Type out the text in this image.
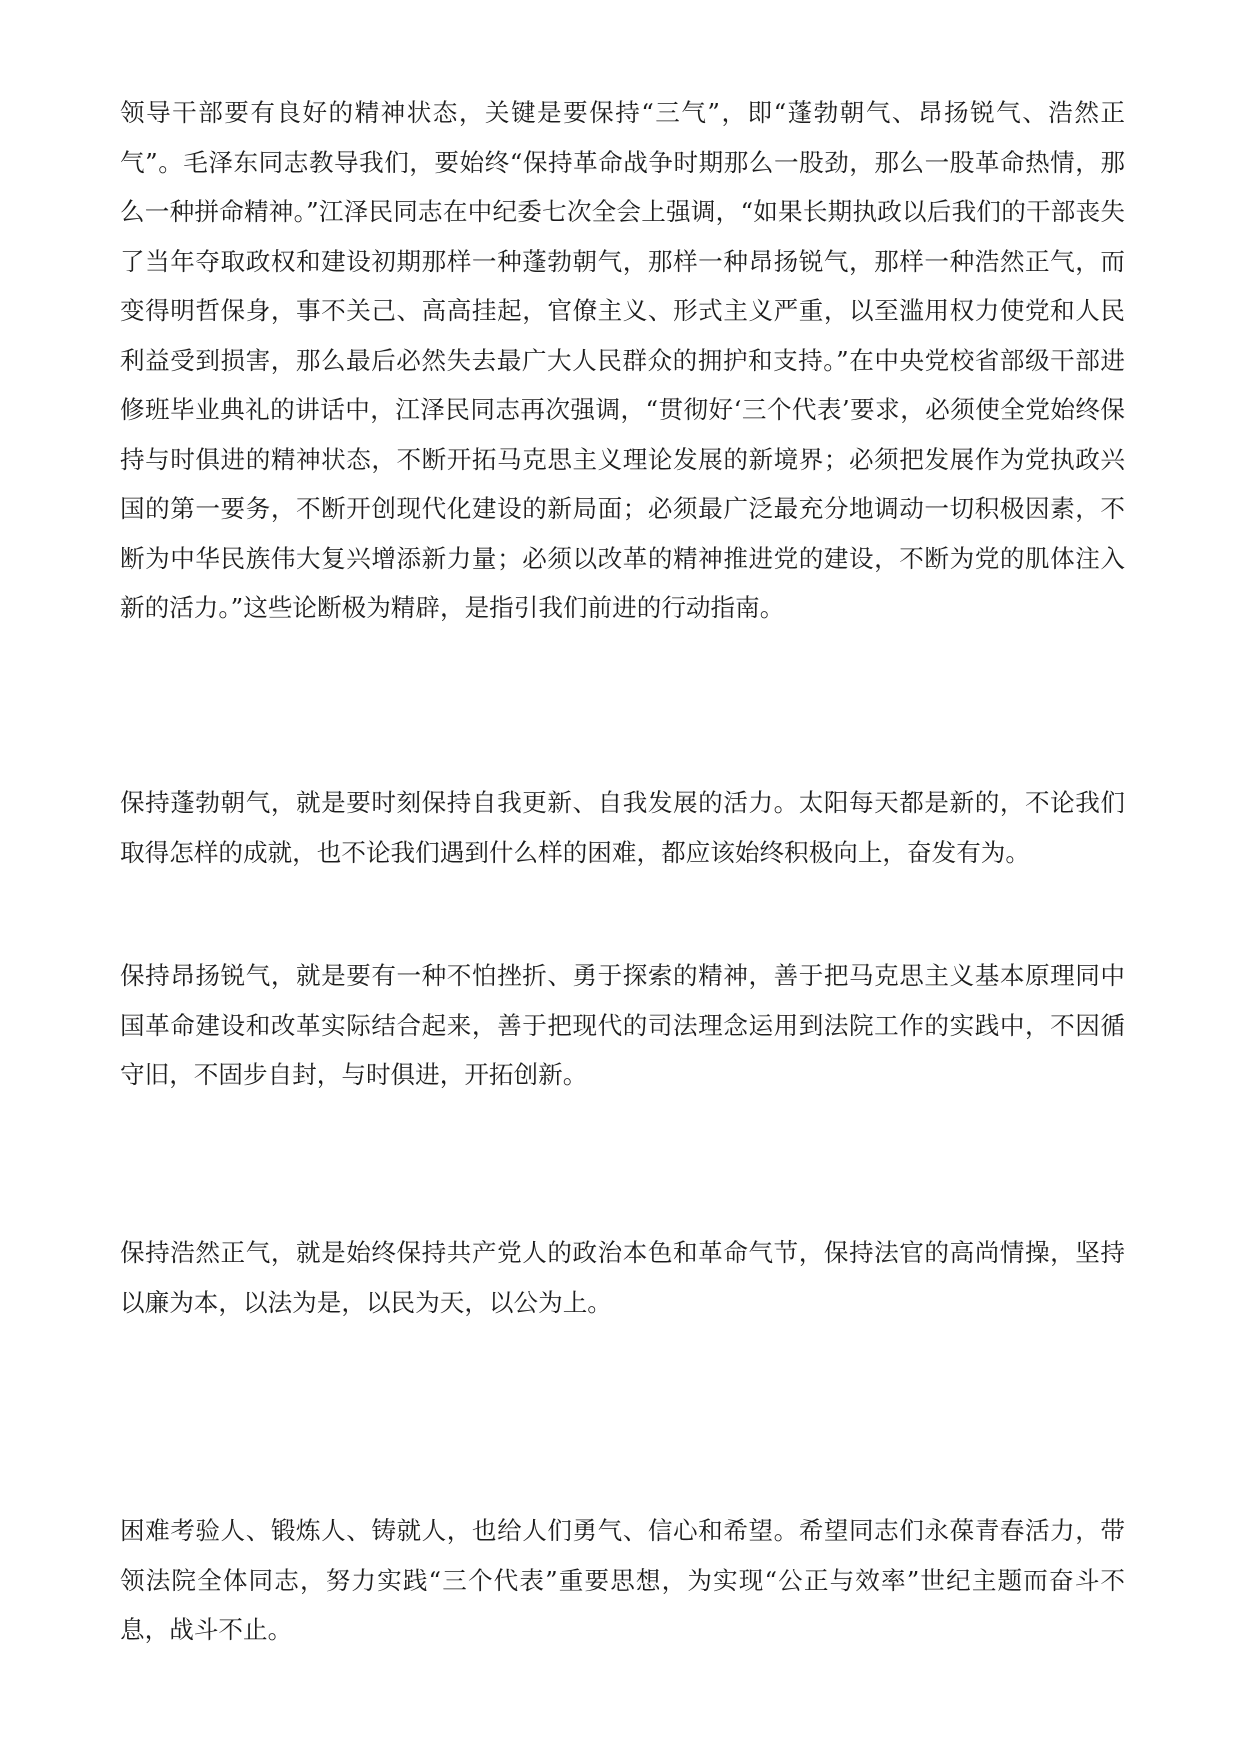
领导干部要有良好的精神状态，关键是要保持“三气”，即“蓬勃朝气、昂扬锐气、浩然正气”。毛泽东同志教导我们，要始终“保持革命战争时期那么一股劲，那么一股革命热情，那么一种拼命精神。”江泽民同志在中纪委七次全会上强调，“如果长期执政以后我们的干部丧失了当年夺取政权和建设初期那样一种蓬勃朝气，那样一种昂扬锐气，那样一种浩然正气，而变得明哲保身，事不关己、高高挂起，官僚主义、形式主义严重，以至滥用权力使党和人民利益受到损害，那么最后必然失去最广大人民群众的拥护和支持。”在中央党校省部级干部进修班毕业典礼的讲话中，江泽民同志再次强调，“贯彻好‘三个代表’要求，必须使全党始终保持与时俱进的精神状态，不断开拓马克思主义理论发展的新境界；必须把发展作为党执政兴国的第一要务，不断开创现代化建设的新局面；必须最广泛最充分地调动一切积极因素，不断为中华民族伟大复兴增添新力量；必须以改革的精神推进党的建设，不断为党的肌体注入新的活力。”这些论断极为精辟，是指引我们前进的行动指南。

保持蓬勃朝气，就是要时刻保持自我更新、自我发展的活力。太阳每天都是新的，不论我们取得怎样的成就，也不论我们遇到什么样的困难，都应该始终积极向上，奋发有为。

保持昂扬锐气，就是要有一种不怕挫折、勇于探索的精神，善于把马克思主义基本原理同中国革命建设和改革实际结合起来，善于把现代的司法理念运用到法院工作的实践中，不因循守旧，不固步自封，与时俱进，开拓创新。

保持浩然正气，就是始终保持共产党人的政治本色和革命气节，保持法官的高尚情操，坚持以廉为本，以法为是，以民为天，以公为上。

困难考验人、锻炼人、铸就人，也给人们勇气、信心和希望。希望同志们永葆青春活力，带领法院全体同志，努力实践“三个代表”重要思想，为实现“公正与效率”世纪主题而奋斗不息，战斗不止。
